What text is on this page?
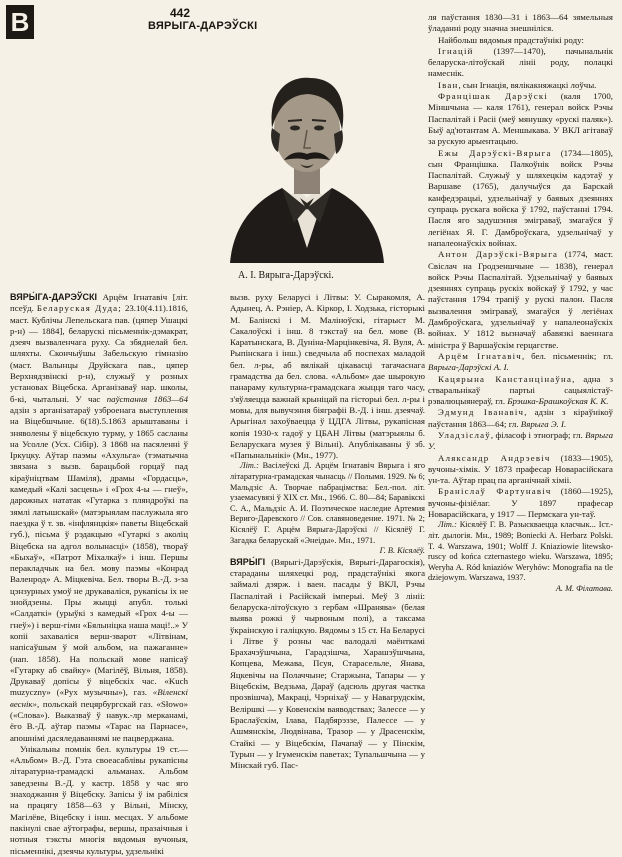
В	442
ВЯРЫГА-ДАРЭЎСКІ
А. І. Вярыга-Дарэўскі.

ВЯРЫ́ГА-ДАРЭЎСКІ Арцём Ігнатавіч [літ. псеўд. Беларуская Дуда; 23.10(4.11).1816, маст. Кублічы Лепельскага пав. (цяпер Ушацкі р-н) — 1884], беларускі пісьменнік-дэмакрат, дзеяч вызваленчага руху. Са збяднелай бел. шляхты. Скончыўшы Забельскую гімназію (маст. Валынцы Друйскага пав., цяпер Верхнядзвінскі р-н), служыў у розных установах Віцебска. Арганізаваў нар. школы, б-кі, чытальні. У час паўстання 1863—64 адзін з арганізатараў узброенага выступлення на Віцебшчыне. 6(18).5.1863 арыштаваны і зняволены ў віцебскую турму, у 1865 сасланы на Усолле (Усх. Сібір). З 1868 на пасяленні ў Іркуцку. Аўтар паэмы «Ахульга» (тэматычна звязана з вызв. барацьбой горцаў пад кіраўніцтвам Шаміля), драмы «Гордасць», камедый «Калі засцень» і «Грох 4-ы — гнеў», дарожных нататак «Гутарка з пляндроўкі па зямлі латышскай» (матэрыялам паслужыла яго паездка ў т. зв. «інфлянцкія» паветы Віцебскай губ.), пісьма ў рэдакцыю «Гутаркі з аколіц Віцебска на адгол волынасці» (1858), твораў «Быхаў», «Патрот Міхалкаў» і інш. Першы перакладчык на бел. мову паэмы «Конрад Валенрод» А. Міцкевіча. Бел. творы В.-Д. з-за цэнзурных умоў не друкаваліся, рукапісы іх не знойдзены. Пры жыцці апубл. толькі «Салдаткі» (урыўкі з камедый «Грох 4-ы — гнеў») і верш-гімн «Бялыніцка наша маці!..» У копіі захаваліся верш-зварот «Літвінам, напісаўшым ў мой альбом, на пажаганне» (нап. 1858). На польскай мове напісаў «Гутарку аб свайку» (Магілёў, Вільня, 1858). Друкаваў допісы ў віцебскіх час. «Kuch muzyczny» («Рух музычны»), газ. «Віленскі веснік», польскай пецярбургскай газ. «Słowo» («Слова»). Выказваў ў навук.-лр мерканамі, ёго В.-Д. аўтар паэмы «Тарас на Парнасе», апошнімі дасяледаваннямі не пацверджана.

Унікальны помнік бел. культуры 19 ст.— «Альбом» В.-Д. Гэта своеасаблівы рукапісны літаратурна-грамадскі альманах. Альбом заведзены В.-Д. у кастр. 1858 у час яго знаходжання ў Віцебску. Запісы ў ім рабіліся на працягу 1858—63 у Вільні, Мінску, Магілёве, Віцебску і інш. месцах. У альбоме пакінулі свае аўтографы, вершы, празаічныя і нотныя тэксты многія вядомыя вучоныя, пісьменнікі, дзеячы культуры, удзельнікі

вызв. руху Беларусі і Літвы: У. Сыракомля, А. Адынец, А. Рэнiер, А. Кіркор, І. Ходзька, гісторыкі М. Балінскі і М. Маліноўскі, гітарыст М. Сакалоўскі і інш. 8 тэкстаў на бел. мове (В. Каратынскага, В. Дуніна-Марцінкевіча, Я. Вуля, А. Рыпінскага і інш.) сведчыла аб поспехах маладой бел. л-ры, аб вялікай цікавасці тагачаснага грамадства да бел. слова. «Альбом» дае шырокую панараму культурна-грамадскага жыцця таго часу, з'яўляецца важнай крыніцай па гісторыі бел. л-ры і мовы, для вывучэння біяграфіі В.-Д. і інш. дзеячаў. Арыгінал захоўваецца ў ЦДГА Літвы, рукапісная копія 1930-х гадоў у ЦБАН Літвы (матэрыялы б. Беларускага музея ў Вільні). Апублікаваны ў зб. «Папынальнікі» (Мн., 1977).

Літ.: Васілеўскі Д. Арцём Ігнатавіч Вярыга і яго літаратурна-грамадская чынасць // Полымя. 1929. № 6; Мальдзіс А. Творчае пабрацімства: Бел.-пол. літ. узаемасувязі ў XIX ст. Мн., 1966. С. 80—84; Баравікскі С. А., Мальдзіс А. И. Поэтическое наследие Артемия Вериго-Даревского // Сов. славяноведение. 1971. № 2; Кісялёў Г. Арцём Вярыга-Дарэўскі // Кісялёў Г. Загадка беларускай «Энеіды». Мн., 1971.
Г. В. Кісялёў.

ВЯРЫ́ГІ (Вярыгі-Дарэўскія, Вярыгі-Дарагоскія), стараданы шляхецкі род, прадстаўнікі якога займалі дзярж. і ваен. пасады ў ВКЛ, Рэчы Паспалітай і Расійскай імперыі. Меў 3 лініі: беларуска-літоўскую з гербам «Шранява» (белая выява рожкі ў чырвоным полі), а таксама ўкраінскую і галіцкую. Вядомы з 15 ст. На Беларусі і Літве ў розны час валодалі маёнткамі Брахачэўшчына, Гарадзішча, Харашэўшчына, Копцева, Межава, Псуя, Старасельле, Янава, Яцкевічы на Полаччыне; Старжына, Тапары — у Віцебскім, Ведзьма, Дараў (адсюль другая частка прозвішча), Макраці, Чэрніхаў — у Навагрудскім, Веліршкі — у Ковенскім ваяводствах; Залессе — у Браслаўскім, Ілава, Падбярэззе, Палессе — у Ашмянскім, Людвінава, Тразор — у Драсенскім, Стайкі — у Віцебскім, Пачапаў — у Пінскім, Турын — у Ігуменскім паветах; Тупальшчына — у Мінскай губ. Пас-

ля паўстання 1830—31 і 1863—64 зямельныя ўладанні роду значна знешніліся.

Найбольш вядомыя прадстаўнікі роду:

Ігнацій (1397—1470), пачынальнік беларуска-літоўскай лініі роду, полацкі намеснік.

Іван, сын Ігнація, вялікакняжацкі лоўчы.

Францішак Дарэўскі (каля 1700, Міншчына — каля 1761), генерал войск Рэчы Паспалітай і Расіі (меў мянушку «рускі паляк»). Быў ад'ютантам А. Меншыкава. У ВКЛ агітаваў за рускую арыентацыю.

Ежы Дарэўскі-Вярыга (1734—1805), сын Францішка. Палкоўнік войск Рэчы Паспалітай. Служыў у шляхецкім кадэтаў у Варшаве (1765), далучыўся да Барскай канфедэрацыі, удзельнічаў у баявых дзеяннях супраць рускага войска ў 1792, паўстанні 1794. Пасля яго задушэння эміграваў, змагаўся ў легіёнах Я. Г. Дамброўскага, удзельнічаў у напалеонаўскіх войнах.

Антон Дарэўскі-Вярыга (1774, маст. Свіслач на Гродзеншчыне — 1838), генерал войск Рэчы Паспалітай. Удзельнічаў у баявых дзеяннях супраць рускіх войскаў ў 1792, у час паўстання 1794 трапіў у рускі палон. Пасля вызвалення эміграваў, змагаўся ў легіёнах Дамброўскага, удзельнічаў у напалеонаўскіх войнах. У 1812 вызначаў абавязкі ваеннага міністра ў Варшаўскім герцагстве.

Арцём Ігнатавіч, бел. пісьменнік; гл. Вярыга-Дарэўскі А. І.

Кацярына Канстанцінаўна, адна з стваральнікаў партыі сацыялістаў-рэвалюцыянераў, гл. Брэшка-Брашкоўская К. К.

Эдмунд Іванавіч, адзін з кіраўнікоў паўстання 1863—64; гл. Вярыга Э. І.

Уладзіслаў, філасоф і этнограф; гл. Вярыга У.

Аляксандр Андрэевіч (1833—1905), вучоны-хімік. У 1873 прафесар Новарасійскага ун-та. Аўтар прац па арганічнай хіміі.

Браніслаў Фартунавіч (1860—1925), вучоны-фізіёлаг. У 1897 прафесар Новарасійскага, у 1917 — Пермскага ун-таў.

Літ.: Кісялёў Г. В. Разыскваецца класчык... Іст.-літ. дылогія. Мн., 1989; Boniecki A. Herbarz Polski. T. 4. Warszawa, 1901; Wolff J. Kniaziowie litewsko-ruscy od końca czternastego wieku. Warszawa, 1895; Weryha A. Ród kniaziów Weryhów: Monografia na tle dziejowym. Warszawa, 1937.
А. М. Філатава.
